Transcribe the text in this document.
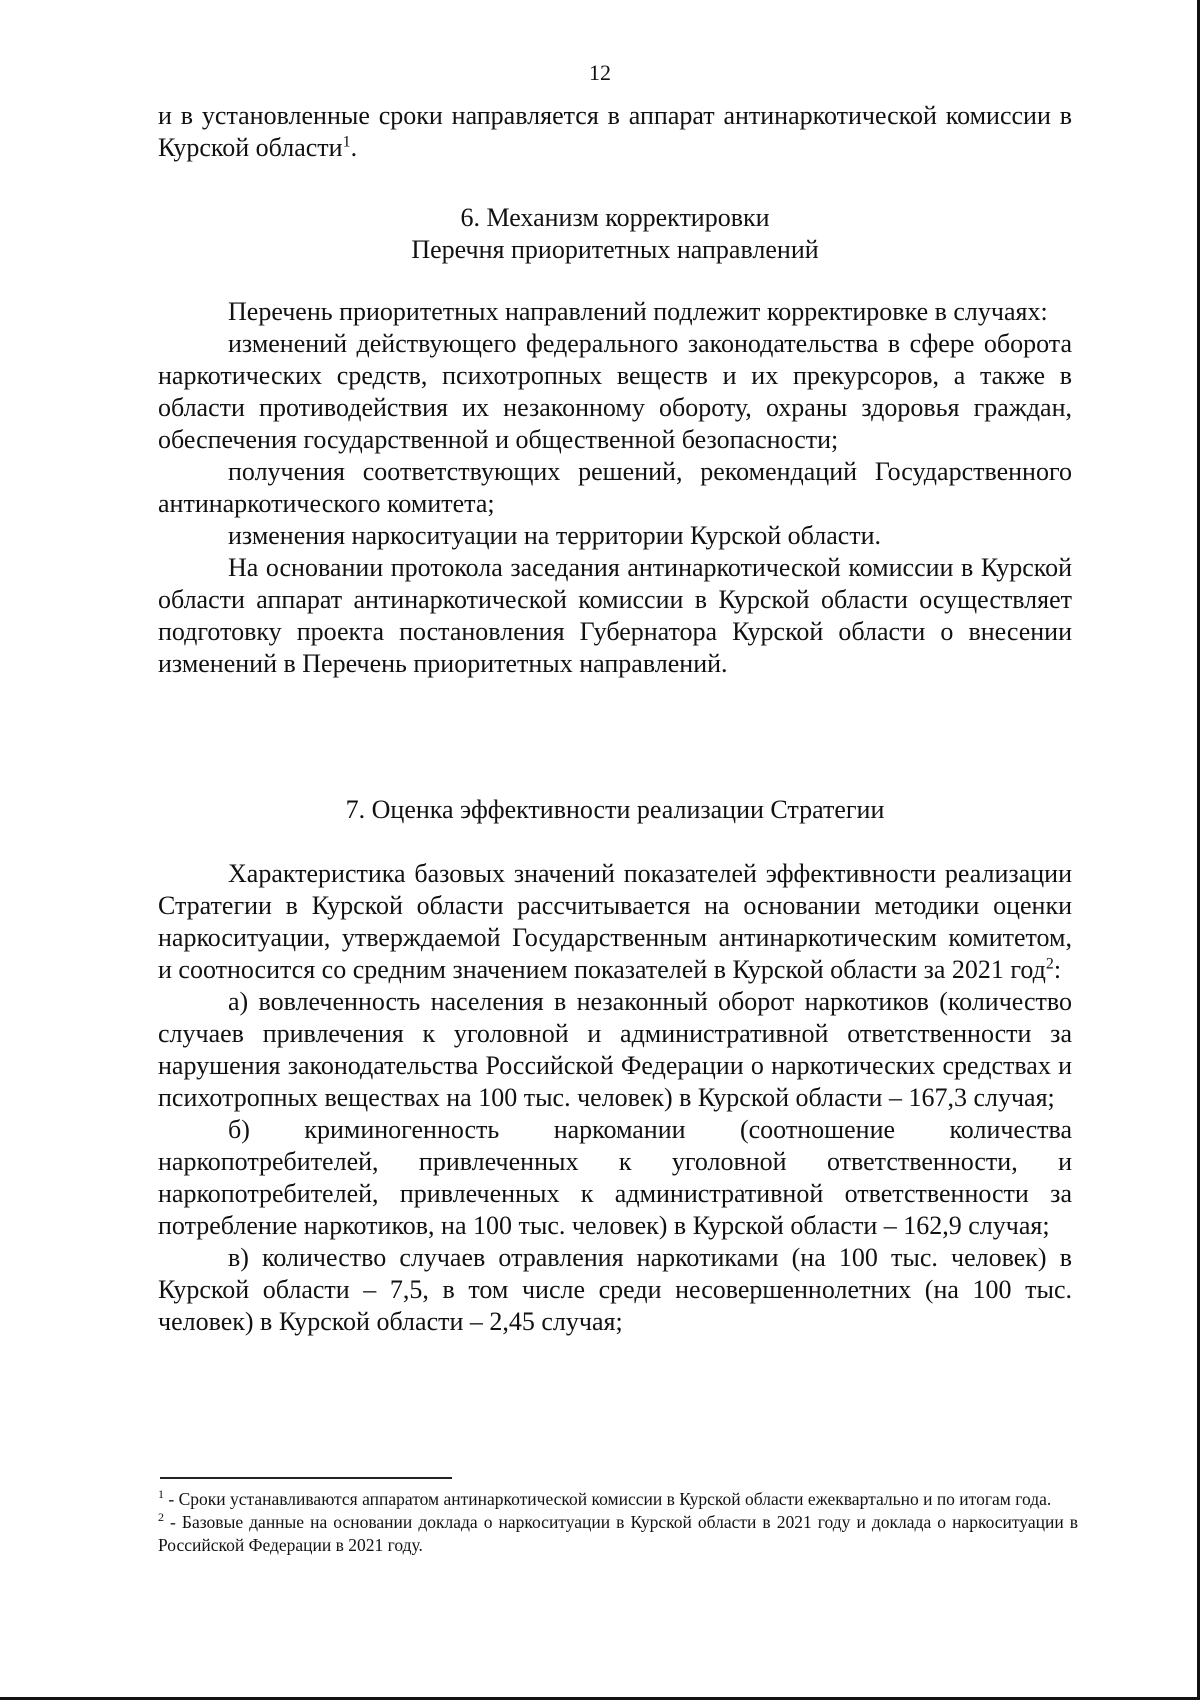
12

и в установленные сроки направляется в аппарат антинаркотической комиссии в Курской области$^1$.

6. Механизм корректировки

Перечня приоритетных направлений

Перечень приоритетных направлений подлежит корректировке в случаях:

изменений действующего федерального законодательства в сфере оборота наркотических средств, психотропных веществ и их прекурсоров, а также в области противодействия их незаконному обороту, охраны здоровья граждан, обеспечения государственной и общественной безопасности;

получения соответствующих решений, рекомендаций Государственного антинаркотического комитета;

изменения наркоситуации на территории Курской области.

На основании протокола заседания антинаркотической комиссии в Курской области аппарат антинаркотической комиссии в Курской области осуществляет подготовку проекта постановления Губернатора Курской области о внесении изменений в Перечень приоритетных направлений.

7. Оценка эффективности реализации Стратегии

Характеристика базовых значений показателей эффективности реализации Стратегии в Курской области рассчитывается на основании методики оценки наркоситуации, утверждаемой Государственным антинаркотическим комитетом, и соотносится со средним значением показателей в Курской области за 2021 год$^2$:

а) вовлеченность населения в незаконный оборот наркотиков (количество случаев привлечения к уголовной и административной ответственности за нарушения законодательства Российской Федерации о наркотических средствах и психотропных веществах на 100 тыс. человек) в Курской области – 167,3 случая;

б) криминогенность наркомании (соотношение количества наркопотребителей, привлеченных к уголовной ответственности, и наркопотребителей, привлеченных к административной ответственности за потребление наркотиков, на 100 тыс. человек) в Курской области – 162,9 случая;

в) количество случаев отравления наркотиками (на 100 тыс. человек) в Курской области – 7,5, в том числе среди несовершеннолетних (на 100 тыс. человек) в Курской области – 2,45 случая;

$^1$ - Сроки устанавливаются аппаратом антинаркотической комиссии в Курской области ежеквартально и по итогам года.

$^2$ - Базовые данные на основании доклада о наркоситуации в Курской области в 2021 году и доклада о наркоситуации в Российской Федерации в 2021 году.
